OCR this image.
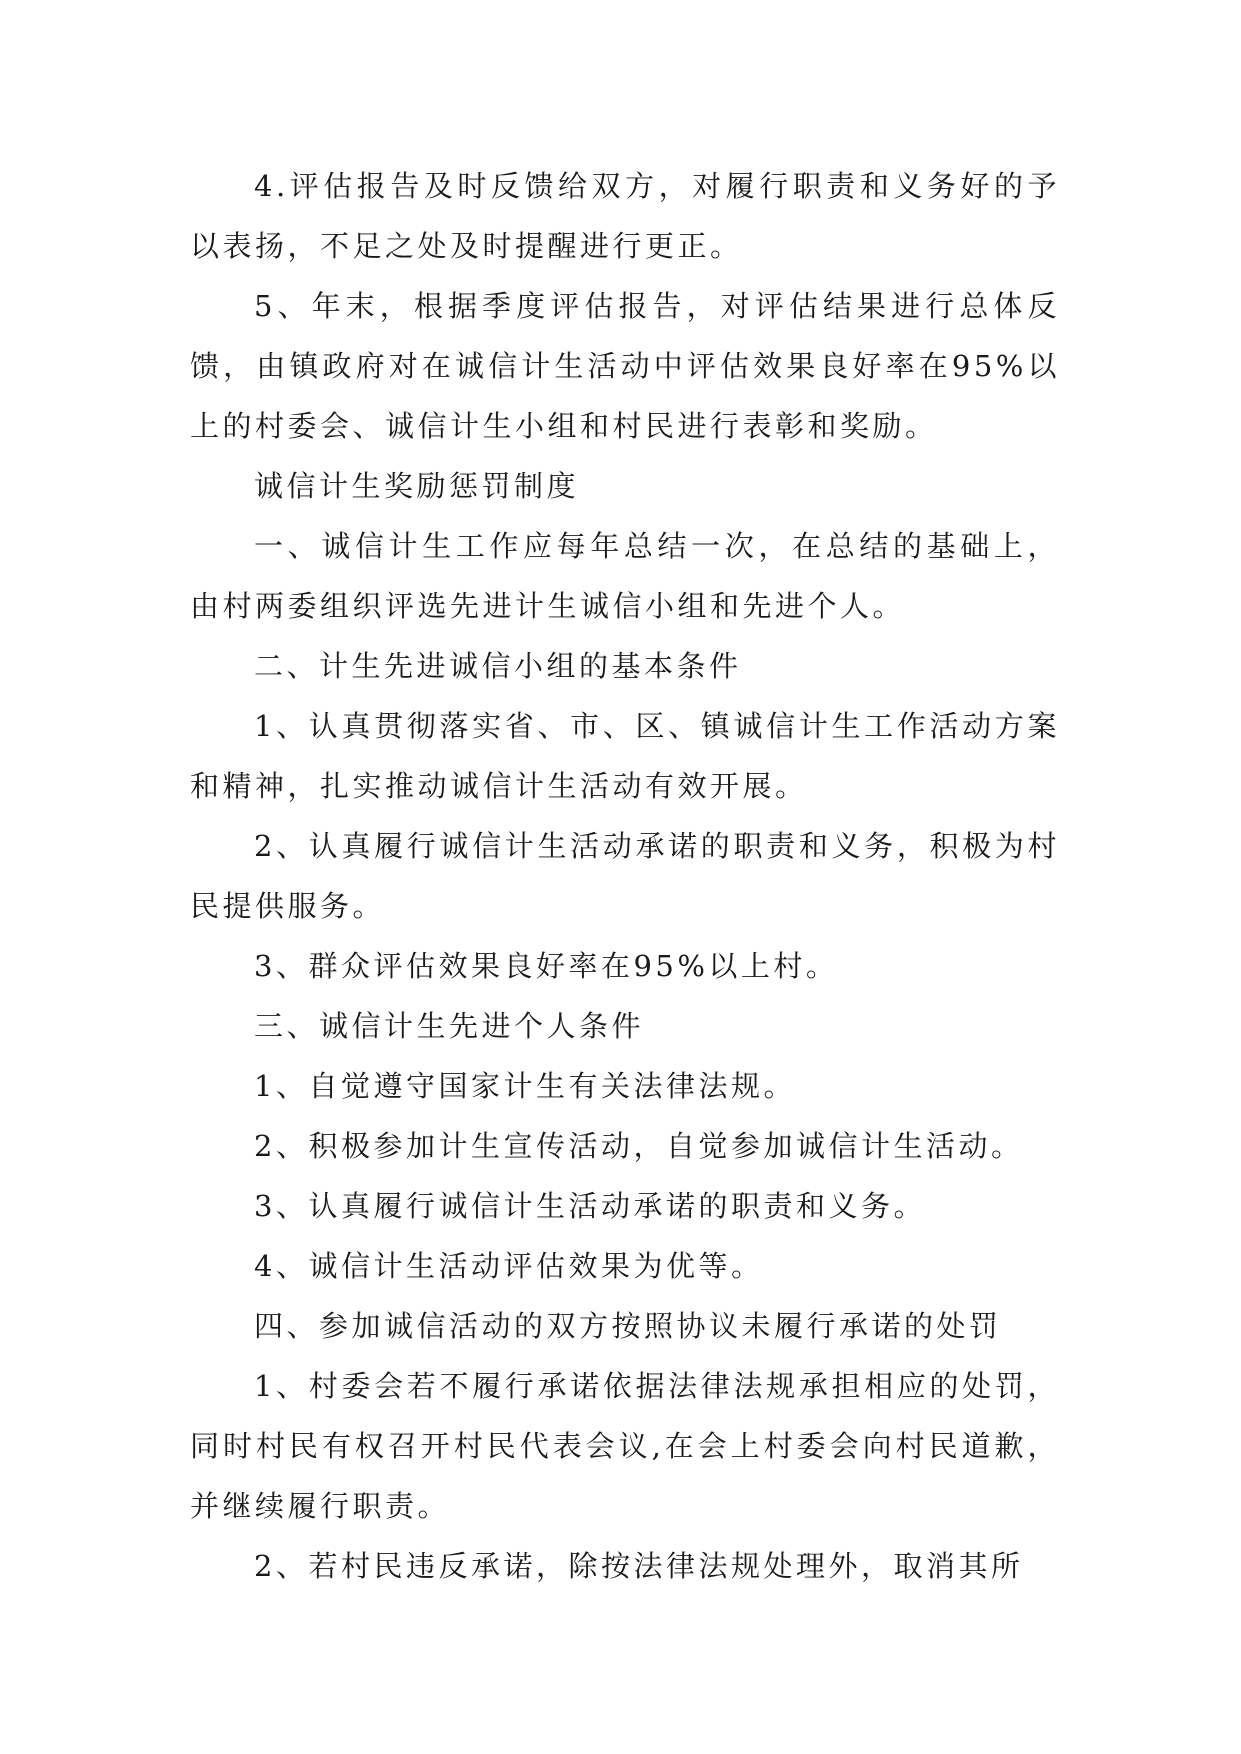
4.评估报告及时反馈给双方，对履行职责和义务好的予以表扬，不足之处及时提醒进行更正。

5、年末，根据季度评估报告，对评估结果进行总体反馈，由镇政府对在诚信计生活动中评估效果良好率在95%以上的村委会、诚信计生小组和村民进行表彰和奖励。

诚信计生奖励惩罚制度

一、诚信计生工作应每年总结一次，在总结的基础上，由村两委组织评选先进计生诚信小组和先进个人。

二、计生先进诚信小组的基本条件

1、认真贯彻落实省、市、区、镇诚信计生工作活动方案和精神，扎实推动诚信计生活动有效开展。

2、认真履行诚信计生活动承诺的职责和义务，积极为村民提供服务。

3、群众评估效果良好率在95%以上村。

三、诚信计生先进个人条件

1、自觉遵守国家计生有关法律法规。

2、积极参加计生宣传活动，自觉参加诚信计生活动。

3、认真履行诚信计生活动承诺的职责和义务。

4、诚信计生活动评估效果为优等。

四、参加诚信活动的双方按照协议未履行承诺的处罚

1、村委会若不履行承诺依据法律法规承担相应的处罚，同时村民有权召开村民代表会议,在会上村委会向村民道歉，并继续履行职责。

2、若村民违反承诺，除按法律法规处理外，取消其所
